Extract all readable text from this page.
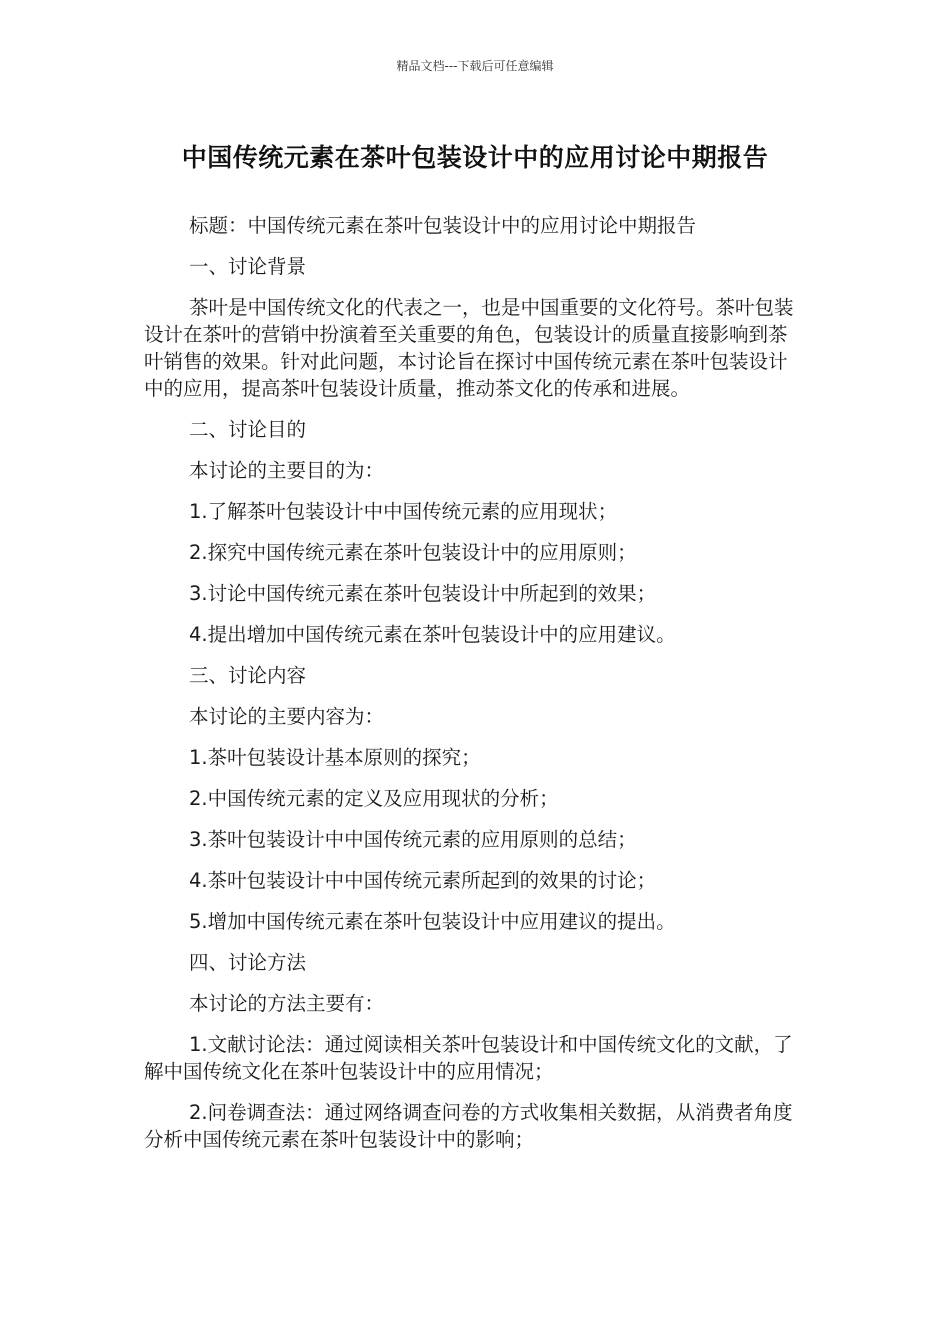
精品文档---下载后可任意编辑
中国传统元素在茶叶包装设计中的应用讨论中期报告

标题：中国传统元素在茶叶包装设计中的应用讨论中期报告

一、讨论背景

茶叶是中国传统文化的代表之一，也是中国重要的文化符号。茶叶包装设计在茶叶的营销中扮演着至关重要的角色，包装设计的质量直接影响到茶叶销售的效果。针对此问题，本讨论旨在探讨中国传统元素在茶叶包装设计中的应用，提高茶叶包装设计质量，推动茶文化的传承和进展。

二、讨论目的

本讨论的主要目的为：

1.了解茶叶包装设计中中国传统元素的应用现状；

2.探究中国传统元素在茶叶包装设计中的应用原则；

3.讨论中国传统元素在茶叶包装设计中所起到的效果；

4.提出增加中国传统元素在茶叶包装设计中的应用建议。

三、讨论内容

本讨论的主要内容为：

1.茶叶包装设计基本原则的探究；

2.中国传统元素的定义及应用现状的分析；

3.茶叶包装设计中中国传统元素的应用原则的总结；

4.茶叶包装设计中中国传统元素所起到的效果的讨论；

5.增加中国传统元素在茶叶包装设计中应用建议的提出。

四、讨论方法

本讨论的方法主要有：

1.文献讨论法：通过阅读相关茶叶包装设计和中国传统文化的文献，了解中国传统文化在茶叶包装设计中的应用情况；

2.问卷调查法：通过网络调查问卷的方式收集相关数据，从消费者角度分析中国传统元素在茶叶包装设计中的影响；
